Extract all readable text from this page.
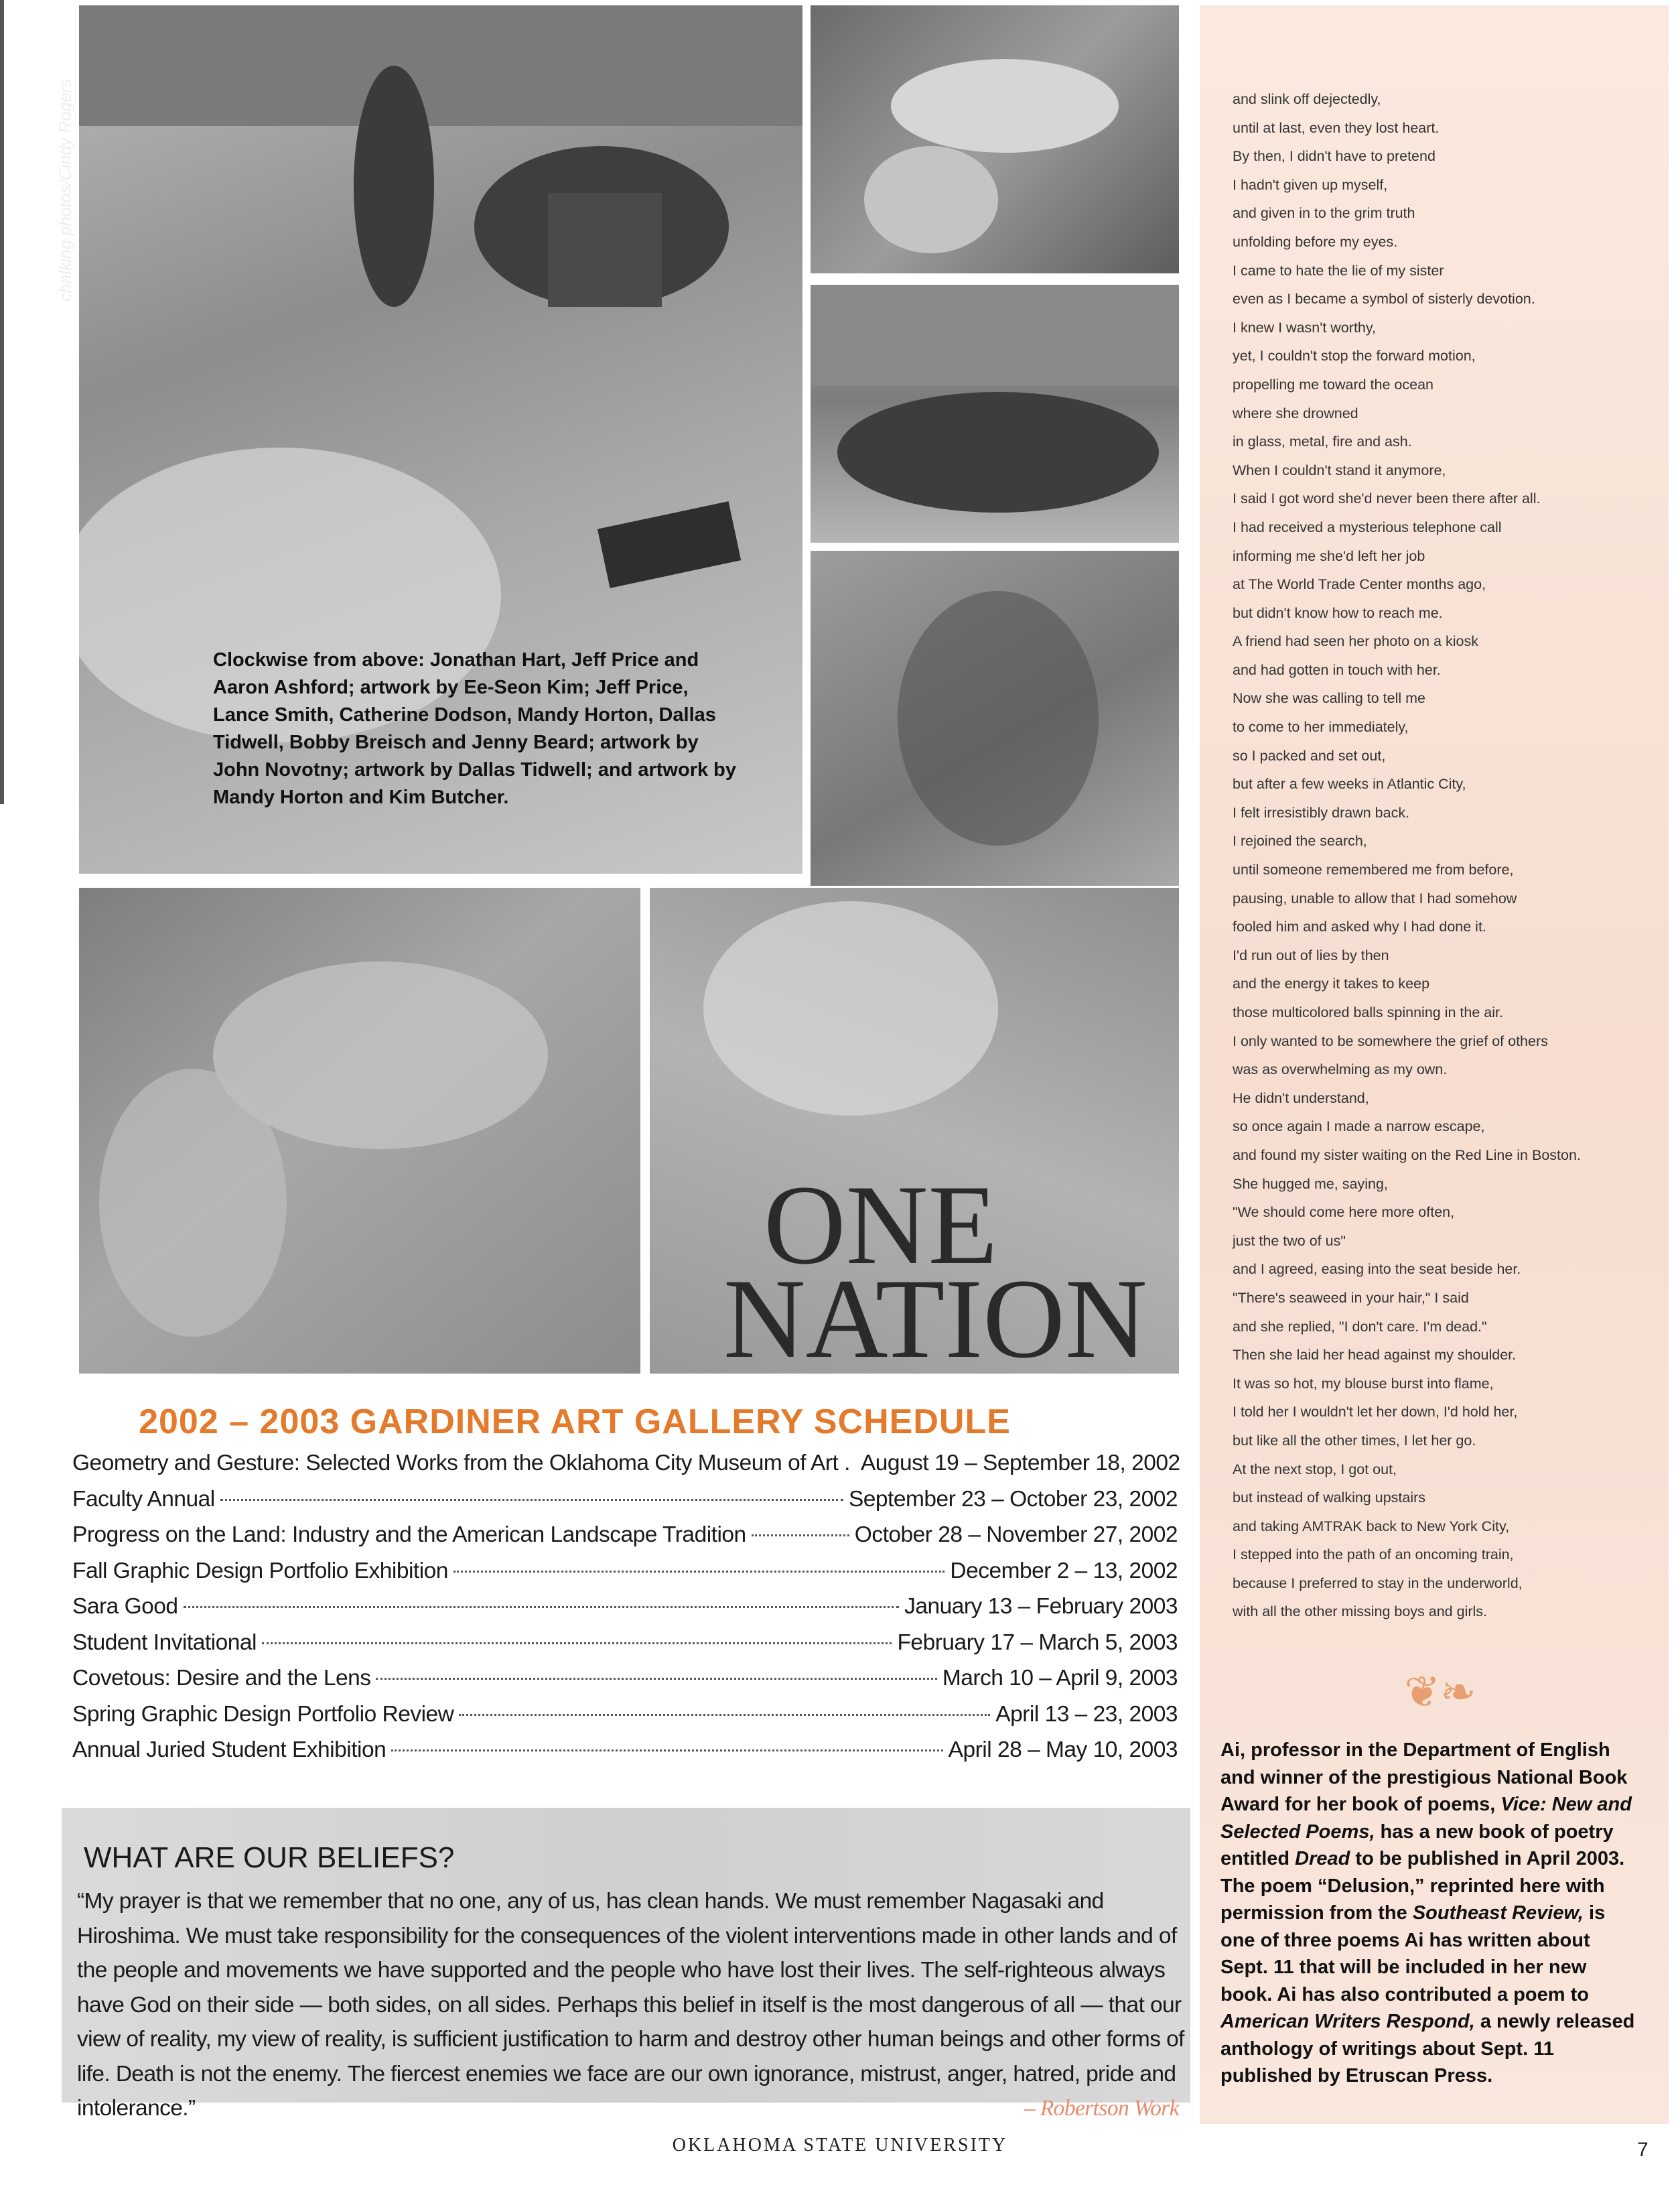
chalking photos/Cindy Rogers
Clockwise from above: Jonathan Hart, Jeff Price and Aaron Ashford; artwork by Ee-Seon Kim; Jeff Price, Lance Smith, Catherine Dodson, Mandy Horton, Dallas Tidwell, Bobby Breisch and Jenny Beard; artwork by John Novotny; artwork by Dallas Tidwell; and artwork by Mandy Horton and Kim Butcher.
ONE
NATION
and slink off dejectedly,
until at last, even they lost heart.
By then, I didn't have to pretend
I hadn't given up myself,
and given in to the grim truth
unfolding before my eyes.
I came to hate the lie of my sister
even as I became a symbol of sisterly devotion.
I knew I wasn't worthy,
yet, I couldn't stop the forward motion,
propelling me toward the ocean
where she drowned
in glass, metal, fire and ash.
When I couldn't stand it anymore,
I said I got word she'd never been there after all.
I had received a mysterious telephone call
informing me she'd left her job
at The World Trade Center months ago,
but didn't know how to reach me.
A friend had seen her photo on a kiosk
and had gotten in touch with her.
Now she was calling to tell me
to come to her immediately,
so I packed and set out,
but after a few weeks in Atlantic City,
I felt irresistibly drawn back.
I rejoined the search,
until someone remembered me from before,
pausing, unable to allow that I had somehow
fooled him and asked why I had done it.
I'd run out of lies by then
and the energy it takes to keep
those multicolored balls spinning in the air.
I only wanted to be somewhere the grief of others
was as overwhelming as my own.
He didn't understand,
so once again I made a narrow escape,
and found my sister waiting on the Red Line in Boston.
She hugged me, saying,
"We should come here more often,
just the two of us"
and I agreed, easing into the seat beside her.
"There's seaweed in your hair," I said
and she replied, "I don't care. I'm dead."
Then she laid her head against my shoulder.
It was so hot, my blouse burst into flame,
I told her I wouldn't let her down, I'd hold her,
but like all the other times, I let her go.
At the next stop, I got out,
but instead of walking upstairs
and taking AMTRAK back to New York City,
I stepped into the path of an oncoming train,
because I preferred to stay in the underworld,
with all the other missing boys and girls.
❦❧
Ai, professor in the Department of English and winner of the prestigious National Book Award for her book of poems, Vice: New and Selected Poems, has a new book of poetry entitled Dread to be published in April 2003. The poem “Delusion,” reprinted here with permission from the Southeast Review, is one of three poems Ai has written about Sept. 11 that will be included in her new book. Ai has also contributed a poem to American Writers Respond, a newly released anthology of writings about Sept. 11 published by Etruscan Press.
2002 – 2003 GARDINER ART GALLERY SCHEDULE
Geometry and Gesture: Selected Works from the Oklahoma City Museum of Art . August 19 – September 18, 2002
Faculty Annual	September 23 – October 23, 2002
Progress on the Land: Industry and the American Landscape Tradition	October 28 – November 27, 2002
Fall Graphic Design Portfolio Exhibition	December 2 – 13, 2002
Sara Good	January 13 – February 2003
Student Invitational	February 17 – March 5, 2003
Covetous: Desire and the Lens	March 10 – April 9, 2003
Spring Graphic Design Portfolio Review	April 13 – 23, 2003
Annual Juried Student Exhibition	April 28 – May 10, 2003
WHAT ARE OUR BELIEFS?
“My prayer is that we remember that no one, any of us, has clean hands. We must remember Nagasaki and Hiroshima. We must take responsibility for the consequences of the violent interventions made in other lands and of the people and movements we have supported and the people who have lost their lives. The self-righteous always have God on their side — both sides, on all sides. Perhaps this belief in itself is the most dangerous of all — that our view of reality, my view of reality, is sufficient justification to harm and destroy other human beings and other forms of life. Death is not the enemy. The fiercest enemies we face are our own ignorance, mistrust, anger, hatred, pride and intolerance.”	– Robertson Work
OKLAHOMA STATE UNIVERSITY	7
